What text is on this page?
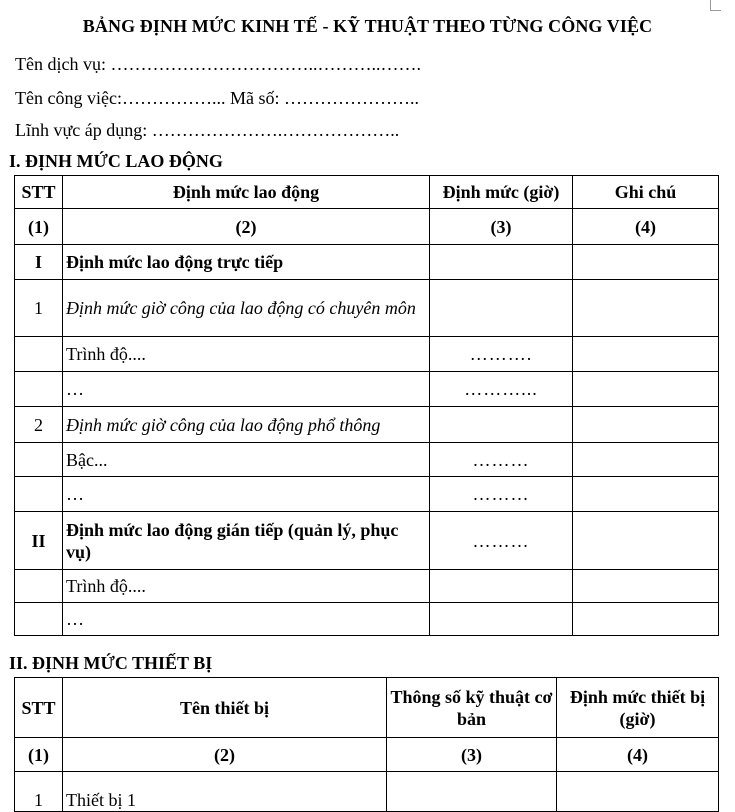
BẢNG ĐỊNH MỨC KINH TẾ - KỸ THUẬT THEO TỪNG CÔNG VIỆC
Tên dịch vụ: ……………………………..………..…….
Tên công việc:……………... Mã số: …………………..
Lĩnh vực áp dụng: ………………….………………..
I. ĐỊNH MỨC LAO ĐỘNG
STT	Định mức lao động	Định mức (giờ)	Ghi chú
(1)	(2)	(3)	(4)
I	Định mức lao động trực tiếp		
1	Định mức giờ công của lao động có chuyên môn		
	Trình độ....	……….	
	…	………...	
2	Định mức giờ công của lao động phổ thông		
	Bậc...	………	
	…	………	
II	Định mức lao động gián tiếp (quản lý, phục vụ)	………	
	Trình độ....		
	…		
II. ĐỊNH MỨC THIẾT BỊ
STT	Tên thiết bị	Thông số kỹ thuật cơ bản	Định mức thiết bị (giờ)
(1)	(2)	(3)	(4)
1	Thiết bị 1		
